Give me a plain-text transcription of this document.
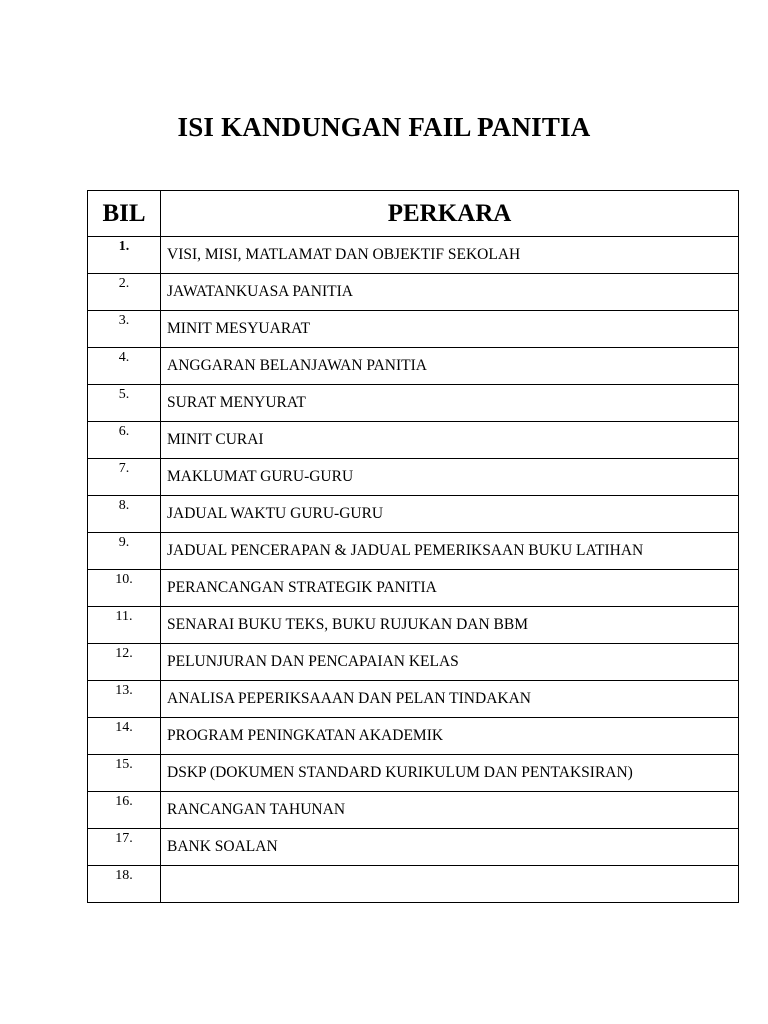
ISI KANDUNGAN FAIL PANITIA
BIL	PERKARA
1.	VISI, MISI, MATLAMAT DAN OBJEKTIF SEKOLAH
2.	JAWATANKUASA PANITIA
3.	MINIT MESYUARAT
4.	ANGGARAN BELANJAWAN PANITIA
5.	SURAT MENYURAT
6.	MINIT CURAI
7.	MAKLUMAT GURU-GURU
8.	JADUAL WAKTU GURU-GURU
9.	JADUAL PENCERAPAN & JADUAL PEMERIKSAAN BUKU LATIHAN
10.	PERANCANGAN STRATEGIK PANITIA
11.	SENARAI BUKU TEKS, BUKU RUJUKAN DAN BBM
12.	PELUNJURAN DAN PENCAPAIAN KELAS
13.	ANALISA PEPERIKSAAAN DAN PELAN TINDAKAN
14.	PROGRAM PENINGKATAN AKADEMIK
15.	DSKP (DOKUMEN STANDARD KURIKULUM DAN PENTAKSIRAN)
16.	RANCANGAN TAHUNAN
17.	BANK SOALAN
18.	
